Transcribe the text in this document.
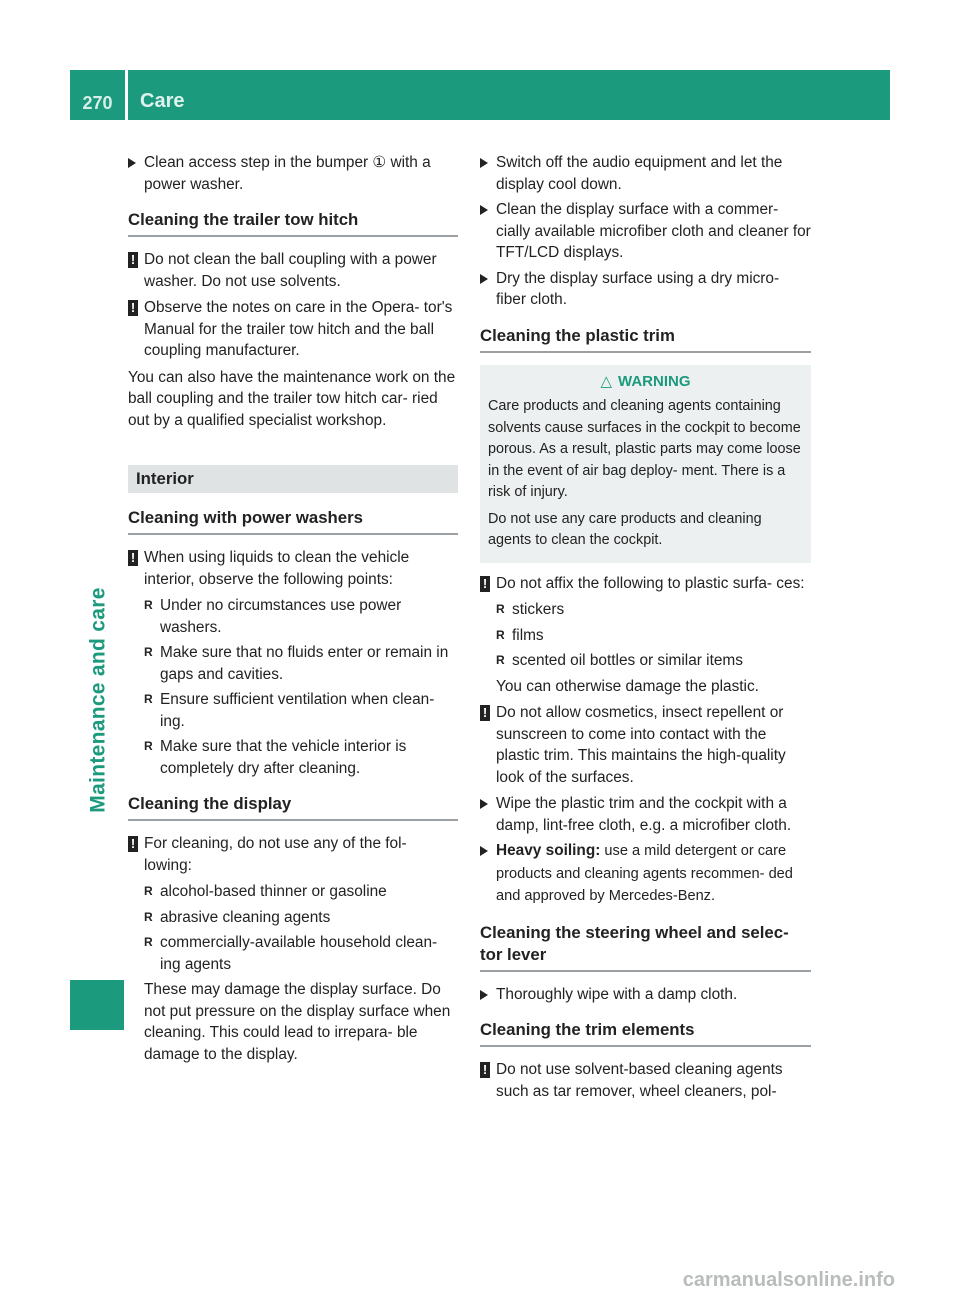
270	Care
Maintenance and care

Clean access step in the bumper ① with a power washer.

Cleaning the trailer tow hitch
! Do not clean the ball coupling with a power washer. Do not use solvents.
! Observe the notes on care in the Opera- tor's Manual for the trailer tow hitch and the ball coupling manufacturer.

You can also have the maintenance work on the ball coupling and the trailer tow hitch car- ried out by a qualified specialist workshop.

Interior
Cleaning with power washers
! When using liquids to clean the vehicle interior, observe the following points:

R Under no circumstances use power washers.

R Make sure that no fluids enter or remain in gaps and cavities.

R Ensure sufficient ventilation when clean- ing.

R Make sure that the vehicle interior is completely dry after cleaning.

Cleaning the display
! For cleaning, do not use any of the fol- lowing:

R alcohol-based thinner or gasoline

R abrasive cleaning agents

R commercially-available household clean- ing agents

These may damage the display surface. Do not put pressure on the display surface when cleaning. This could lead to irrepara- ble damage to the display.

Switch off the audio equipment and let the display cool down.

Clean the display surface with a commer- cially available microfiber cloth and cleaner for TFT/LCD displays.

Dry the display surface using a dry micro- fiber cloth.

Cleaning the plastic trim
△ WARNING

Care products and cleaning agents containing solvents cause surfaces in the cockpit to become porous. As a result, plastic parts may come loose in the event of air bag deploy- ment. There is a risk of injury.

Do not use any care products and cleaning agents to clean the cockpit.

! Do not affix the following to plastic surfa- ces:

R stickers

R films

R scented oil bottles or similar items

You can otherwise damage the plastic.

! Do not allow cosmetics, insect repellent or sunscreen to come into contact with the plastic trim. This maintains the high-quality look of the surfaces.

Wipe the plastic trim and the cockpit with a damp, lint-free cloth, e.g. a microfiber cloth.

Heavy soiling: use a mild detergent or care products and cleaning agents recommen- ded and approved by Mercedes-Benz.

Cleaning the steering wheel and selec- tor lever

Thoroughly wipe with a damp cloth.

Cleaning the trim elements
! Do not use solvent-based cleaning agents such as tar remover, wheel cleaners, pol-
carmanualsonline.info
